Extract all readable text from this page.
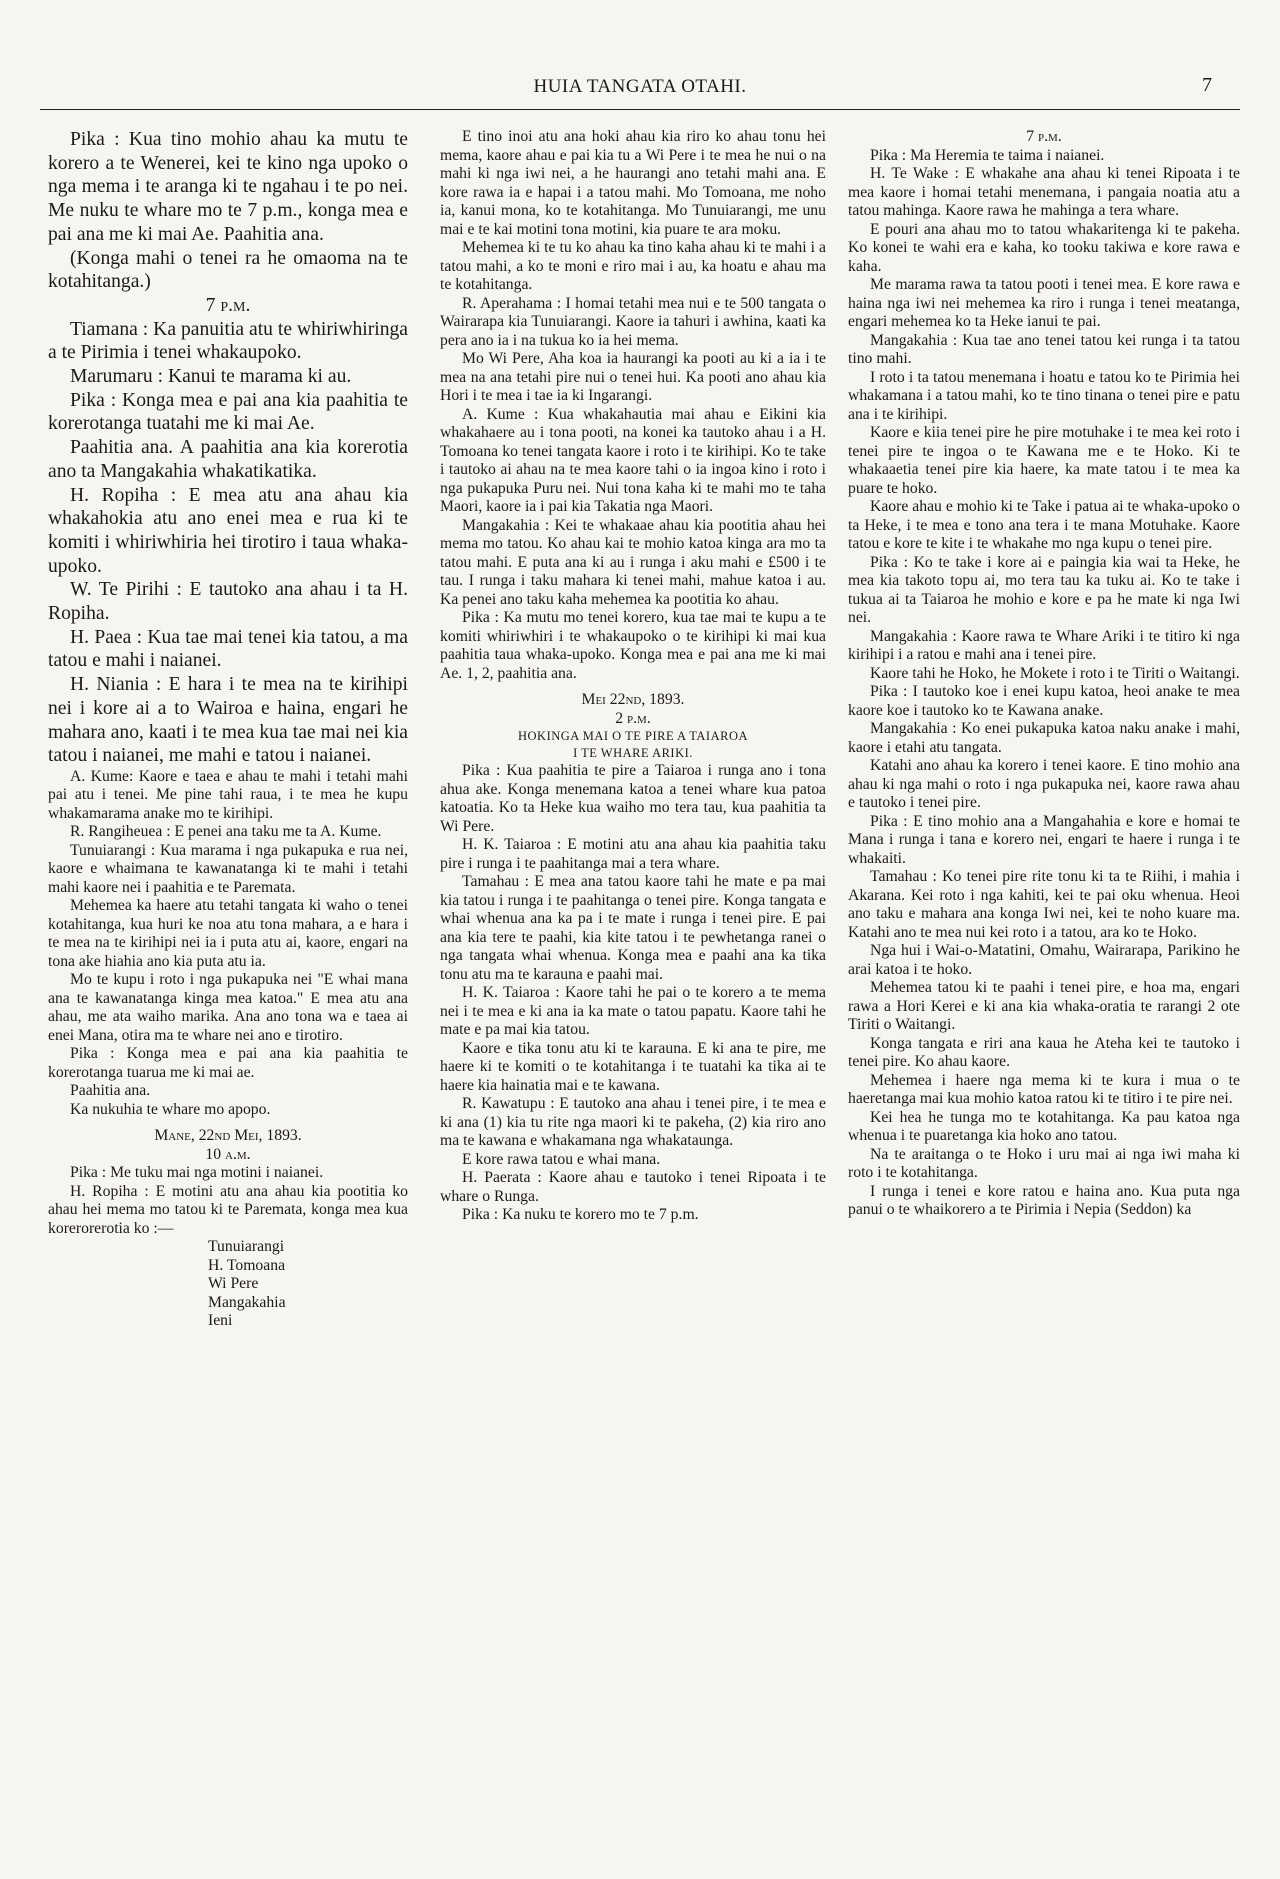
HUIA TANGATA OTAHI.	7

Pika : Kua tino mohio ahau ka mutu te korero a te Wenerei, kei te kino nga upoko o nga mema i te aranga ki te ngahau i te po nei. Me nuku te whare mo te 7 p.m., konga mea e pai ana me ki mai Ae. Paahitia ana.

(Konga mahi o tenei ra he omaoma na te kotahitanga.)

7 p.m.

Tiamana : Ka panuitia atu te whiriwhiringa a te Pirimia i tenei whakaupoko.

Marumaru : Kanui te marama ki au.

Pika : Konga mea e pai ana kia paahitia te korerotanga tuatahi me ki mai Ae.

Paahitia ana. A paahitia ana kia korerotia ano ta Mangakahia whakatikatika.

H. Ropiha : E mea atu ana ahau kia whakahokia atu ano enei mea e rua ki te komiti i whiriwhiria hei tirotiro i taua whaka-upoko.

W. Te Pirihi : E tautoko ana ahau i ta H. Ropiha.

H. Paea : Kua tae mai tenei kia tatou, a ma tatou e mahi i naianei.

H. Niania : E hara i te mea na te kirihipi nei i kore ai a to Wairoa e haina, engari he mahara ano, kaati i te mea kua tae mai nei kia tatou i naianei, me mahi e tatou i naianei.

A. Kume: Kaore e taea e ahau te mahi i tetahi mahi pai atu i tenei. Me pine tahi raua, i te mea he kupu whakamarama anake mo te kirihipi.

R. Rangiheuea : E penei ana taku me ta A. Kume.

Tunuiarangi : Kua marama i nga pukapuka e rua nei, kaore e whaimana te kawanatanga ki te mahi i tetahi mahi kaore nei i paahitia e te Paremata.

Mehemea ka haere atu tetahi tangata ki waho o tenei kotahitanga, kua huri ke noa atu tona mahara, a e hara i te mea na te kirihipi nei ia i puta atu ai, kaore, engari na tona ake hiahia ano kia puta atu ia.

Mo te kupu i roto i nga pukapuka nei "E whai mana ana te kawanatanga kinga mea katoa." E mea atu ana ahau, me ata waiho marika. Ana ano tona wa e taea ai enei Mana, otira ma te whare nei ano e tirotiro.

Pika : Konga mea e pai ana kia paahitia te korerotanga tuarua me ki mai ae.

Paahitia ana.

Ka nukuhia te whare mo apopo.

Mane, 22nd Mei, 1893.

10 a.m.

Pika : Me tuku mai nga motini i naianei.

H. Ropiha : E motini atu ana ahau kia pootitia ko ahau hei mema mo tatou ki te Paremata, konga mea kua korerorerotia ko :—

Tunuiarangi

H. Tomoana

Wi Pere

Mangakahia

Ieni

E tino inoi atu ana hoki ahau kia riro ko ahau tonu hei mema, kaore ahau e pai kia tu a Wi Pere i te mea he nui o na mahi ki nga iwi nei, a he haurangi ano tetahi mahi ana. E kore rawa ia e hapai i a tatou mahi. Mo Tomoana, me noho ia, kanui mona, ko te kotahitanga. Mo Tunuiarangi, me unu mai e te kai motini tona motini, kia puare te ara moku.

Mehemea ki te tu ko ahau ka tino kaha ahau ki te mahi i a tatou mahi, a ko te moni e riro mai i au, ka hoatu e ahau ma te kotahitanga.

R. Aperahama : I homai tetahi mea nui e te 500 tangata o Wairarapa kia Tunuiarangi. Kaore ia tahuri i awhina, kaati ka pera ano ia i na tukua ko ia hei mema.

Mo Wi Pere, Aha koa ia haurangi ka pooti au ki a ia i te mea na ana tetahi pire nui o tenei hui. Ka pooti ano ahau kia Hori i te mea i tae ia ki Ingarangi.

A. Kume : Kua whakahautia mai ahau e Eikini kia whakahaere au i tona pooti, na konei ka tautoko ahau i a H. Tomoana ko tenei tangata kaore i roto i te kirihipi. Ko te take i tautoko ai ahau na te mea kaore tahi o ia ingoa kino i roto i nga pukapuka Puru nei. Nui tona kaha ki te mahi mo te taha Maori, kaore ia i pai kia Takatia nga Maori.

Mangakahia : Kei te whakaae ahau kia pootitia ahau hei mema mo tatou. Ko ahau kai te mohio katoa kinga ara mo ta tatou mahi. E puta ana ki au i runga i aku mahi e £500 i te tau. I runga i taku mahara ki tenei mahi, mahue katoa i au. Ka penei ano taku kaha mehemea ka pootitia ko ahau.

Pika : Ka mutu mo tenei korero, kua tae mai te kupu a te komiti whiriwhiri i te whakaupoko o te kirihipi ki mai kua paahitia taua whaka-upoko. Konga mea e pai ana me ki mai Ae. 1, 2, paahitia ana.

Mei 22nd, 1893.

2 p.m.

HOKINGA MAI O TE PIRE A TAIAROA

I TE WHARE ARIKI.

Pika : Kua paahitia te pire a Taiaroa i runga ano i tona ahua ake. Konga menemana katoa a tenei whare kua patoa katoatia. Ko ta Heke kua waiho mo tera tau, kua paahitia ta Wi Pere.

H. K. Taiaroa : E motini atu ana ahau kia paahitia taku pire i runga i te paahitanga mai a tera whare.

Tamahau : E mea ana tatou kaore tahi he mate e pa mai kia tatou i runga i te paahitanga o tenei pire. Konga tangata e whai whenua ana ka pa i te mate i runga i tenei pire. E pai ana kia tere te paahi, kia kite tatou i te pewhetanga ranei o nga tangata whai whenua. Konga mea e paahi ana ka tika tonu atu ma te karauna e paahi mai.

H. K. Taiaroa : Kaore tahi he pai o te korero a te mema nei i te mea e ki ana ia ka mate o tatou papatu. Kaore tahi he mate e pa mai kia tatou.

Kaore e tika tonu atu ki te karauna. E ki ana te pire, me haere ki te komiti o te kotahitanga i te tuatahi ka tika ai te haere kia hainatia mai e te kawana.

R. Kawatupu : E tautoko ana ahau i tenei pire, i te mea e ki ana (1) kia tu rite nga maori ki te pakeha, (2) kia riro ano ma te kawana e whakamana nga whakataunga.

E kore rawa tatou e whai mana.

H. Paerata : Kaore ahau e tautoko i tenei Ripoata i te whare o Runga.

Pika : Ka nuku te korero mo te 7 p.m.

7 p.m.

Pika : Ma Heremia te taima i naianei.

H. Te Wake : E whakahe ana ahau ki tenei Ripoata i te mea kaore i homai tetahi menemana, i pangaia noatia atu a tatou mahinga. Kaore rawa he mahinga a tera whare.

E pouri ana ahau mo to tatou whakaritenga ki te pakeha. Ko konei te wahi era e kaha, ko tooku takiwa e kore rawa e kaha.

Me marama rawa ta tatou pooti i tenei mea. E kore rawa e haina nga iwi nei mehemea ka riro i runga i tenei meatanga, engari mehemea ko ta Heke ianui te pai.

Mangakahia : Kua tae ano tenei tatou kei runga i ta tatou tino mahi.

I roto i ta tatou menemana i hoatu e tatou ko te Pirimia hei whakamana i a tatou mahi, ko te tino tinana o tenei pire e patu ana i te kirihipi.

Kaore e kiia tenei pire he pire motuhake i te mea kei roto i tenei pire te ingoa o te Kawana me e te Hoko. Ki te whakaaetia tenei pire kia haere, ka mate tatou i te mea ka puare te hoko.

Kaore ahau e mohio ki te Take i patua ai te whaka-upoko o ta Heke, i te mea e tono ana tera i te mana Motuhake. Kaore tatou e kore te kite i te whakahe mo nga kupu o tenei pire.

Pika : Ko te take i kore ai e paingia kia wai ta Heke, he mea kia takoto topu ai, mo tera tau ka tuku ai. Ko te take i tukua ai ta Taiaroa he mohio e kore e pa he mate ki nga Iwi nei.

Mangakahia : Kaore rawa te Whare Ariki i te titiro ki nga kirihipi i a ratou e mahi ana i tenei pire.

Kaore tahi he Hoko, he Mokete i roto i te Tiriti o Waitangi.

Pika : I tautoko koe i enei kupu katoa, heoi anake te mea kaore koe i tautoko ko te Kawana anake.

Mangakahia : Ko enei pukapuka katoa naku anake i mahi, kaore i etahi atu tangata.

Katahi ano ahau ka korero i tenei kaore. E tino mohio ana ahau ki nga mahi o roto i nga pukapuka nei, kaore rawa ahau e tautoko i tenei pire.

Pika : E tino mohio ana a Mangahahia e kore e homai te Mana i runga i tana e korero nei, engari te haere i runga i te whakaiti.

Tamahau : Ko tenei pire rite tonu ki ta te Riihi, i mahia i Akarana. Kei roto i nga kahiti, kei te pai oku whenua. Heoi ano taku e mahara ana konga Iwi nei, kei te noho kuare ma. Katahi ano te mea nui kei roto i a tatou, ara ko te Hoko.

Nga hui i Wai-o-Matatini, Omahu, Wairarapa, Parikino he arai katoa i te hoko.

Mehemea tatou ki te paahi i tenei pire, e hoa ma, engari rawa a Hori Kerei e ki ana kia whaka-oratia te rarangi 2 ote Tiriti o Waitangi.

Konga tangata e riri ana kaua he Ateha kei te tautoko i tenei pire. Ko ahau kaore.

Mehemea i haere nga mema ki te kura i mua o te haeretanga mai kua mohio katoa ratou ki te titiro i te pire nei.

Kei hea he tunga mo te kotahitanga. Ka pau katoa nga whenua i te puaretanga kia hoko ano tatou.

Na te araitanga o te Hoko i uru mai ai nga iwi maha ki roto i te kotahitanga.

I runga i tenei e kore ratou e haina ano. Kua puta nga panui o te whaikorero a te Pirimia i Nepia (Seddon) ka
